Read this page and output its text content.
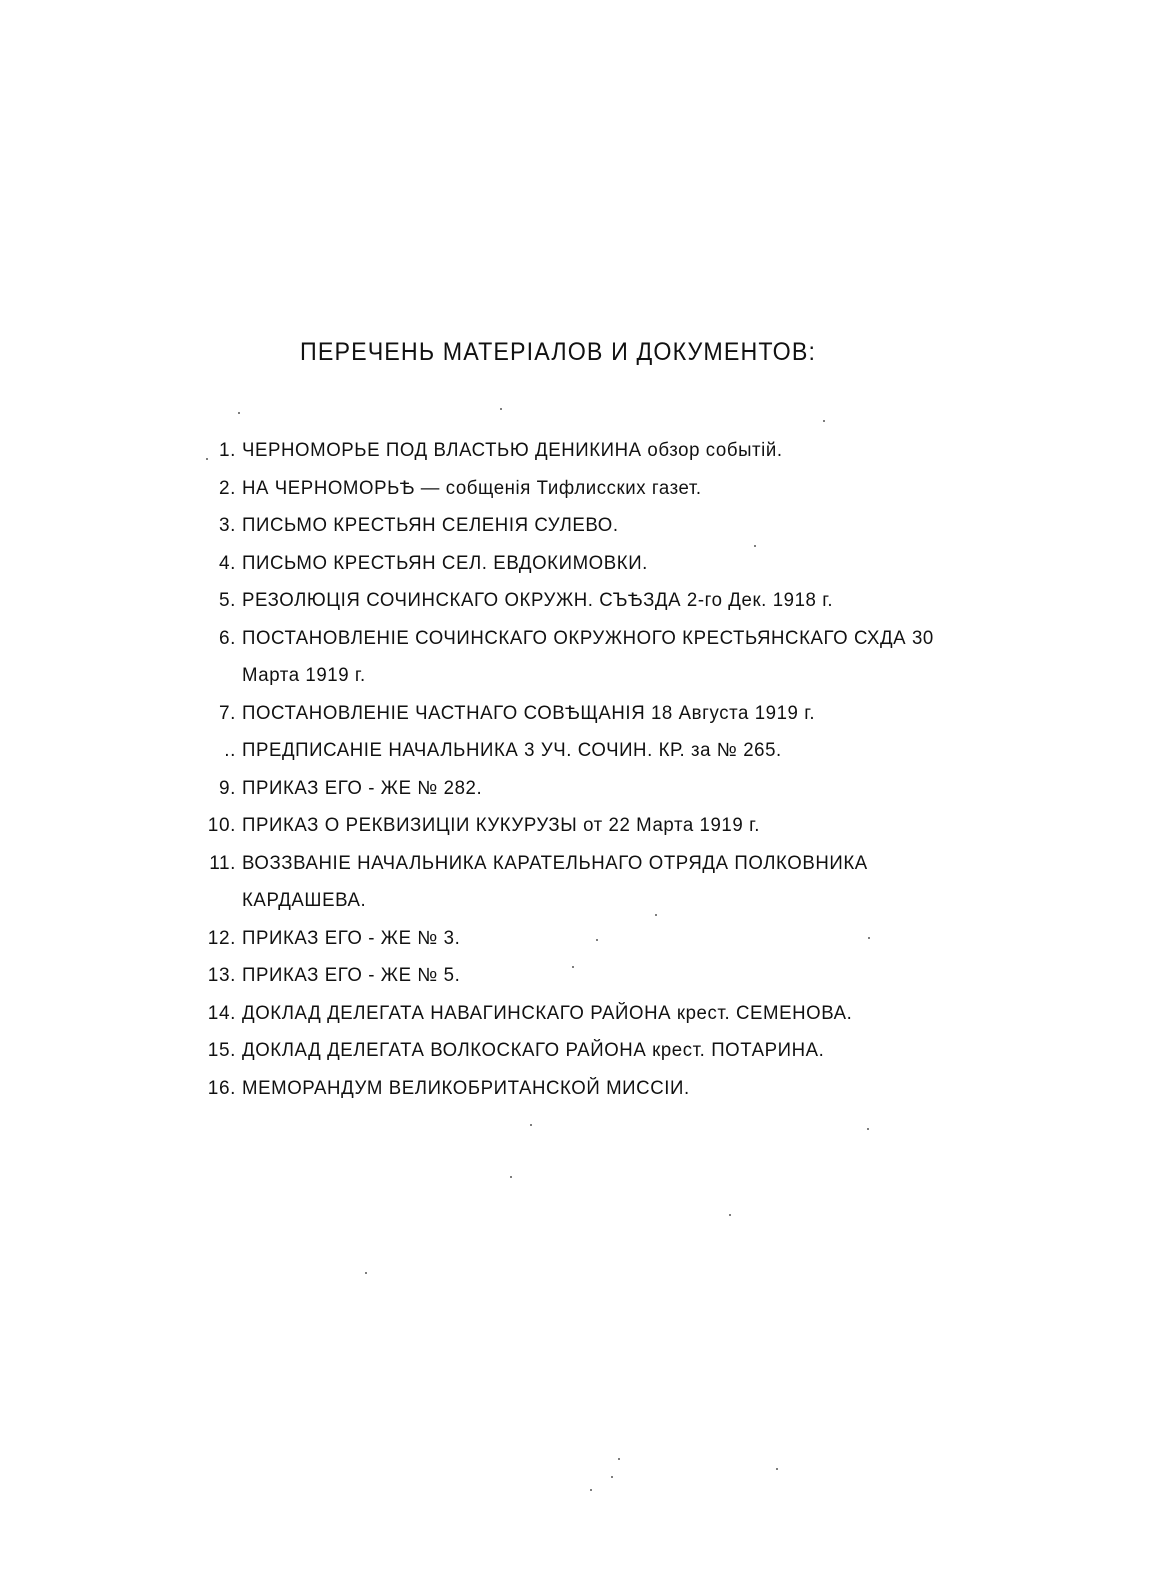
ПЕРЕЧЕНЬ МАТЕРІАЛОВ И ДОКУМЕНТОВ:
1. ЧЕРНОМОРЬЕ ПОД ВЛАСТЬЮ ДЕНИКИНА обзор событій.
2. НА ЧЕРНОМОРЬѢ — собщенія Тифлисских газет.
3. ПИСЬМО КРЕСТЬЯН СЕЛЕНІЯ СУЛЕВО.
4. ПИСЬМО КРЕСТЬЯН СЕЛ. ЕВДОКИМОВКИ.
5. РЕЗОЛЮЦІЯ СОЧИНСКАГО ОКРУЖН. СЪѢЗДА 2-го Дек. 1918 г.
6. ПОСТАНОВЛЕНІЕ СОЧИНСКАГО ОКРУЖНОГО КРЕСТЬЯНСКАГО СХДА 30 Марта 1919 г.
7. ПОСТАНОВЛЕНІЕ ЧАСТНАГО СОВѢЩАНІЯ 18 Августа 1919 г.
.. ПРЕДПИСАНІЕ НАЧАЛЬНИКА 3 УЧ. СОЧИН. КР. за № 265.
9. ПРИКАЗ ЕГО - ЖЕ № 282.
10. ПРИКАЗ О РЕКВИЗИЦІИ КУКУРУЗЫ от 22 Марта 1919 г.
11. ВОЗЗВАНІЕ НАЧАЛЬНИКА КАРАТЕЛЬНАГО ОТРЯДА ПОЛКОВНИКА КАРДАШЕВА.
12. ПРИКАЗ ЕГО - ЖЕ № 3.
13. ПРИКАЗ ЕГО - ЖЕ № 5.
14. ДОКЛАД ДЕЛЕГАТА НАВАГИНСКАГО РАЙОНА крест. СЕМЕНОВА.
15. ДОКЛАД ДЕЛЕГАТА ВОЛКОСКАГО РАЙОНА крест. ПОТАРИНА.
16. МЕМОРАНДУМ ВЕЛИКОБРИТАНСКОЙ МИССІИ.
